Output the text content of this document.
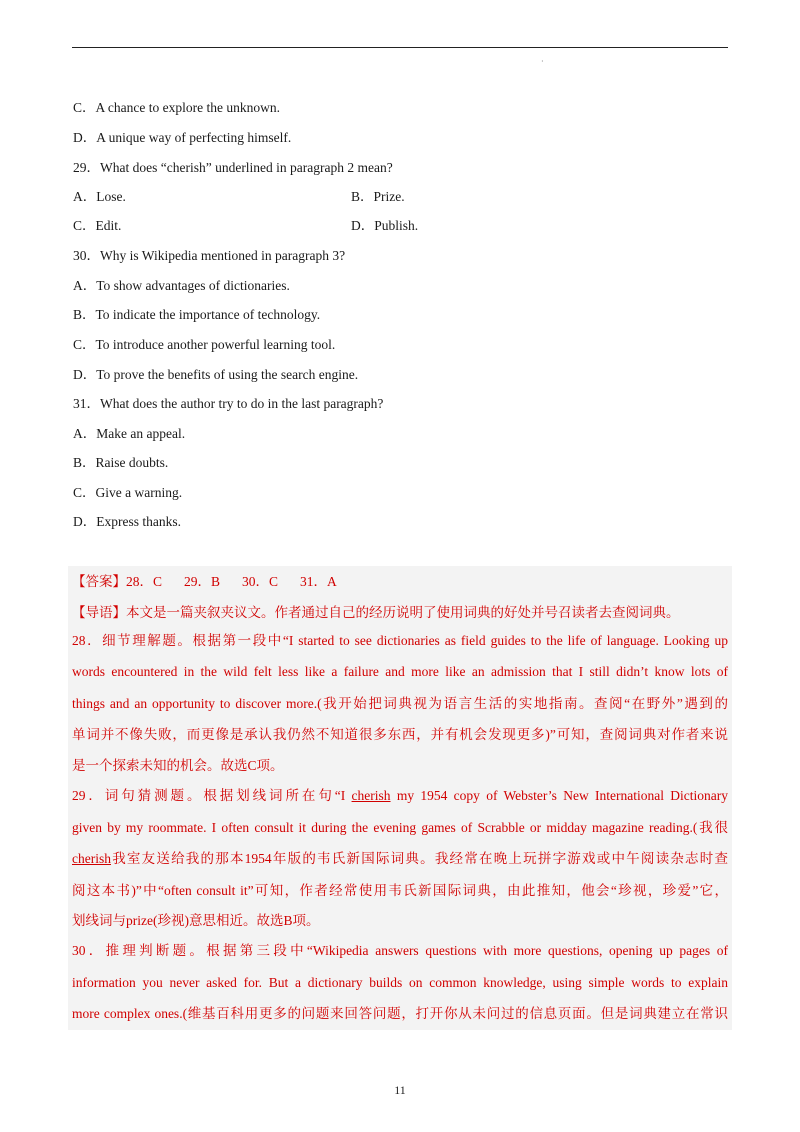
·
C．A chance to explore the unknown.
D．A unique way of perfecting himself.
29．What does “cherish” underlined in paragraph 2 mean?
A．Lose.	B．Prize.
C．Edit.	D．Publish.
30．Why is Wikipedia mentioned in paragraph 3?
A．To show advantages of dictionaries.
B．To indicate the importance of technology.
C．To introduce another powerful learning tool.
D．To prove the benefits of using the search engine.
31．What does the author try to do in the last paragraph?
A．Make an appeal.
B．Raise doubts.
C．Give a warning.
D．Express thanks.
【答案】28．C 29．B 30．C 31．A
【导语】本文是一篇夹叙夹议文。作者通过自己的经历说明了使用词典的好处并号召读者去查阅词典。
28．细节理解题。根据第一段中“I started to see dictionaries as field guides to the life of language. Looking up
words encountered in the wild felt less like a failure and more like an admission that I still didn’t know lots of
things and an opportunity to discover more.(我开始把词典视为语言生活的实地指南。查阅“在野外”遇到的
单词并不像失败，而更像是承认我仍然不知道很多东西，并有机会发现更多)”可知，查阅词典对作者来说
是一个探索未知的机会。故选C项。
29．词句猜测题。根据划线词所在句“I cherish my 1954 copy of Webster’s New International Dictionary
given by my roommate. I often consult it during the evening games of Scrabble or midday magazine reading.(我很
cherish我室友送给我的那本1954年版的韦氏新国际词典。我经常在晚上玩拼字游戏或中午阅读杂志时查
阅这本书)”中“often consult it”可知，作者经常使用韦氏新国际词典，由此推知，他会“珍视，珍爱”它，
划线词与prize(珍视)意思相近。故选B项。
30．推理判断题。根据第三段中“Wikipedia answers questions with more questions, opening up pages of
information you never asked for. But a dictionary builds on common knowledge, using simple words to explain
more complex ones.(维基百科用更多的问题来回答问题，打开你从未问过的信息页面。但是词典建立在常识
11
